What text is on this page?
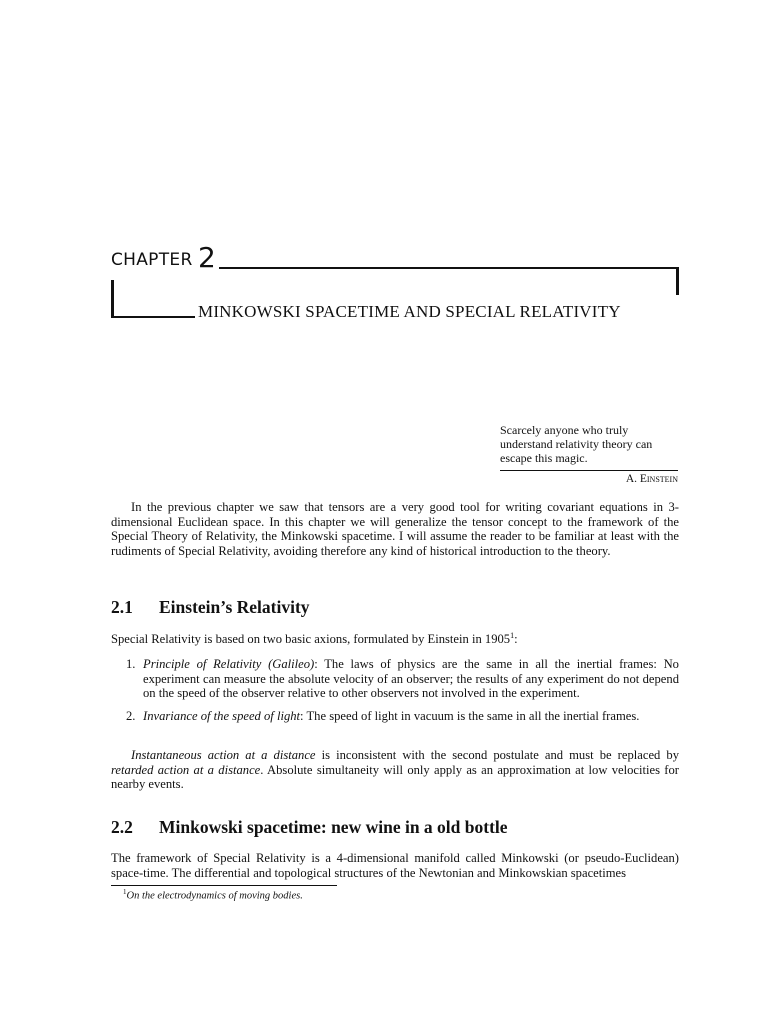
CHAPTER 2
MINKOWSKI SPACETIME AND SPECIAL RELATIVITY
Scarcely anyone who truly understand relativity theory can escape this magic.
A. Einstein
In the previous chapter we saw that tensors are a very good tool for writing covariant equations in 3-dimensional Euclidean space. In this chapter we will generalize the tensor concept to the framework of the Special Theory of Relativity, the Minkowski spacetime. I will assume the reader to be familiar at least with the rudiments of Special Relativity, avoiding therefore any kind of historical introduction to the theory.
2.1 Einstein’s Relativity
Special Relativity is based on two basic axions, formulated by Einstein in 1905$^1$:
1. Principle of Relativity (Galileo): The laws of physics are the same in all the inertial frames: No experiment can measure the absolute velocity of an observer; the results of any experiment do not depend on the speed of the observer relative to other observers not involved in the experiment.
2. Invariance of the speed of light: The speed of light in vacuum is the same in all the inertial frames.
Instantaneous action at a distance is inconsistent with the second postulate and must be replaced by retarded action at a distance. Absolute simultaneity will only apply as an approximation at low velocities for nearby events.
2.2 Minkowski spacetime: new wine in a old bottle
The framework of Special Relativity is a 4-dimensional manifold called Minkowski (or pseudo-Euclidean) space-time. The differential and topological structures of the Newtonian and Minkowskian spacetimes
$^1$On the electrodynamics of moving bodies.
